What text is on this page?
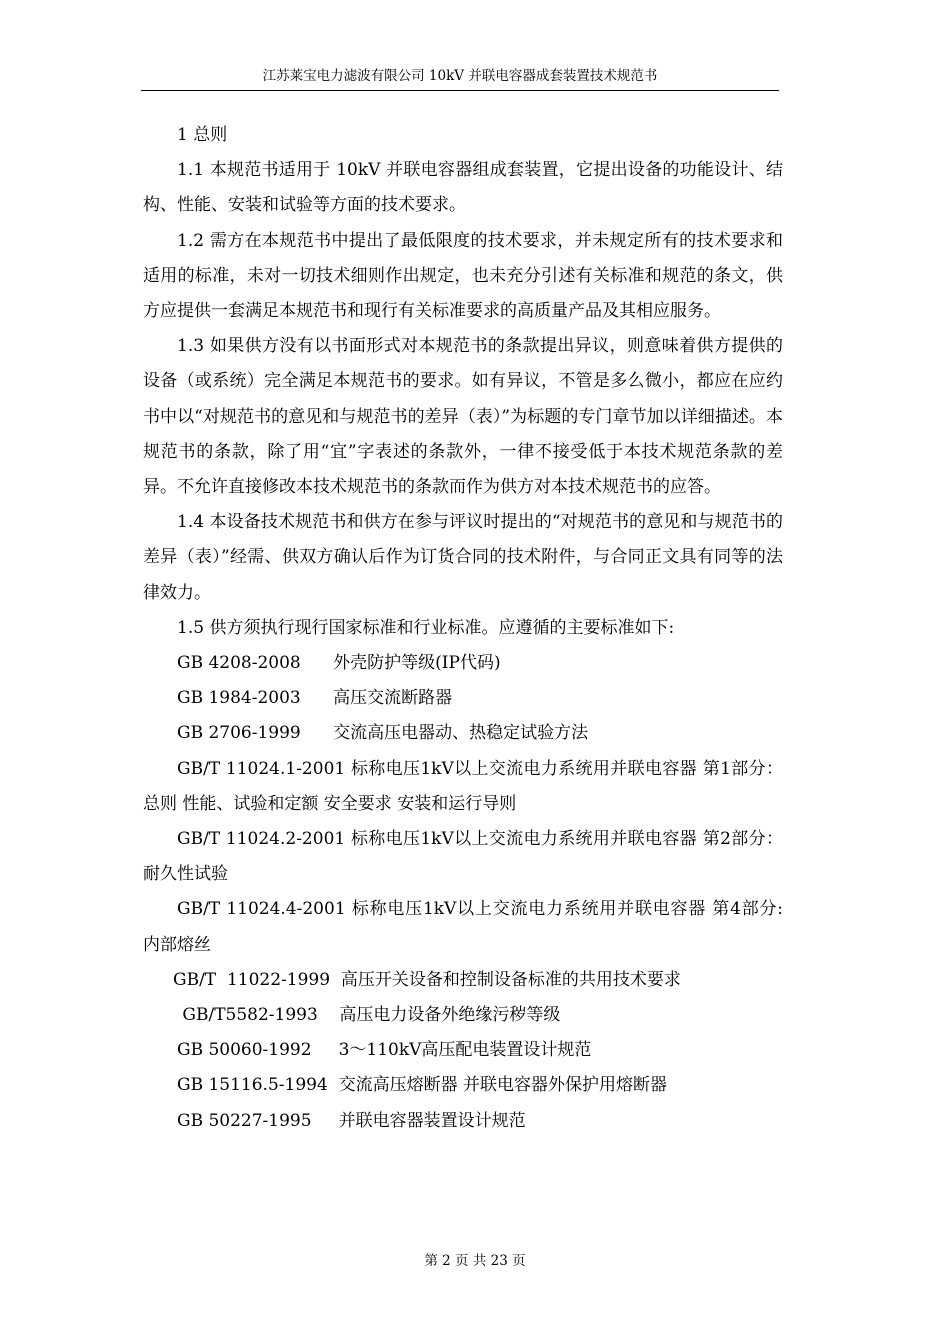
江苏莱宝电力滤波有限公司 10kV 并联电容器成套装置技术规范书

1 总则

1.1 本规范书适用于 10kV 并联电容器组成套装置，它提出设备的功能设计、结构、性能、安装和试验等方面的技术要求。

1.2 需方在本规范书中提出了最低限度的技术要求，并未规定所有的技术要求和适用的标准，未对一切技术细则作出规定，也未充分引述有关标准和规范的条文，供方应提供一套满足本规范书和现行有关标准要求的高质量产品及其相应服务。

1.3 如果供方没有以书面形式对本规范书的条款提出异议，则意味着供方提供的设备（或系统）完全满足本规范书的要求。如有异议，不管是多么微小，都应在应约书中以“对规范书的意见和与规范书的差异（表）”为标题的专门章节加以详细描述。本规范书的条款，除了用“宜”字表述的条款外，一律不接受低于本技术规范条款的差异。不允许直接修改本技术规范书的条款而作为供方对本技术规范书的应答。

1.4 本设备技术规范书和供方在参与评议时提出的“对规范书的意见和与规范书的差异（表）”经需、供双方确认后作为订货合同的技术附件，与合同正文具有同等的法律效力。

1.5 供方须执行现行国家标准和行业标准。应遵循的主要标准如下:

GB 4208-2008      外壳防护等级(IP代码)

GB 1984-2003      高压交流断路器

GB 2706-1999      交流高压电器动、热稳定试验方法

GB/T 11024.1-2001 标称电压1kV以上交流电力系统用并联电容器 第1部分：总则 性能、试验和定额 安全要求 安装和运行导则

GB/T 11024.2-2001 标称电压1kV以上交流电力系统用并联电容器 第2部分：耐久性试验

GB/T 11024.4-2001 标称电压1kV以上交流电力系统用并联电容器 第4部分: 内部熔丝

GB/T  11022-1999  高压开关设备和控制设备标准的共用技术要求

GB/T5582-1993    高压电力设备外绝缘污秽等级

GB 50060-1992     3～110kV高压配电装置设计规范

GB 15116.5-1994  交流高压熔断器 并联电容器外保护用熔断器

GB 50227-1995     并联电容器装置设计规范

第 2 页 共 23 页
